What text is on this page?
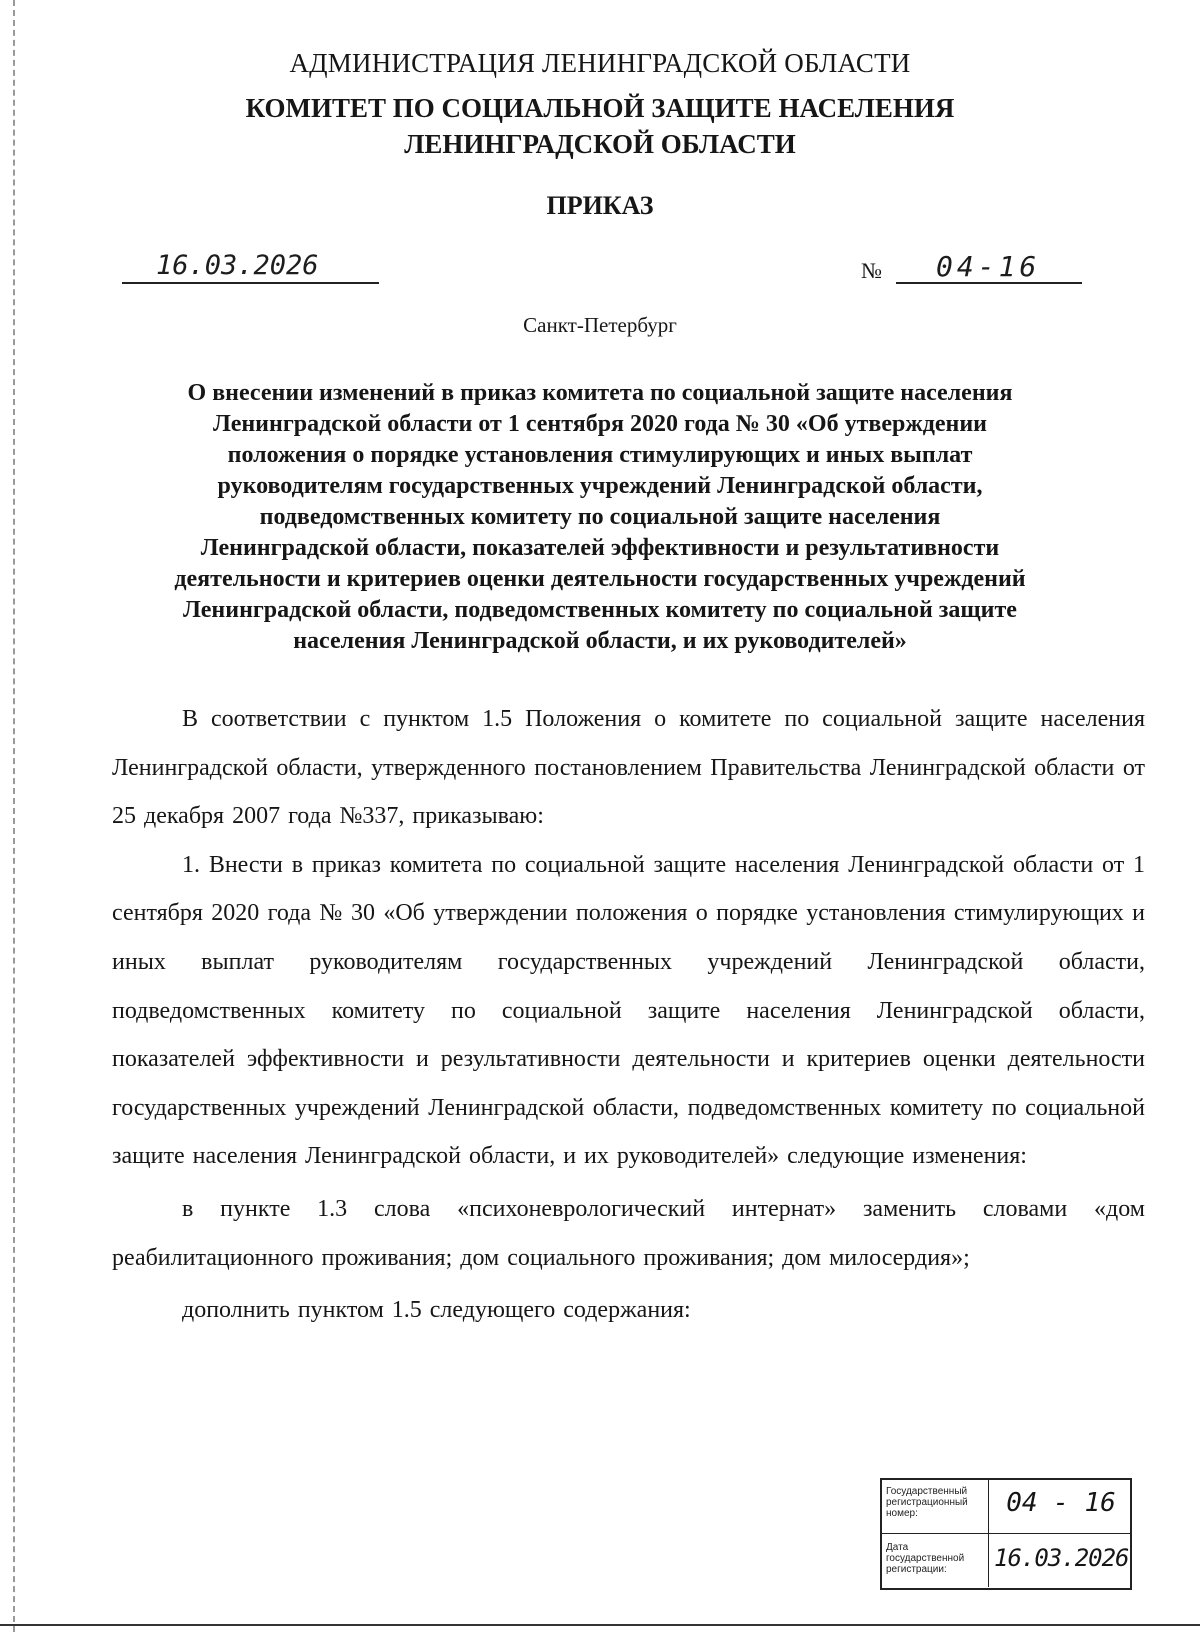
АДМИНИСТРАЦИЯ ЛЕНИНГРАДСКОЙ ОБЛАСТИ
КОМИТЕТ ПО СОЦИАЛЬНОЙ ЗАЩИТЕ НАСЕЛЕНИЯ
ЛЕНИНГРАДСКОЙ ОБЛАСТИ
ПРИКАЗ
16.03.2026	№ 04-16
Санкт-Петербург
О внесении изменений в приказ комитета по социальной защите населения
Ленинградской области от 1 сентября 2020 года № 30 «Об утверждении
положения о порядке установления стимулирующих и иных выплат
руководителям государственных учреждений Ленинградской области,
подведомственных комитету по социальной защите населения
Ленинградской области, показателей эффективности и результативности
деятельности и критериев оценки деятельности государственных учреждений
Ленинградской области, подведомственных комитету по социальной защите
населения Ленинградской области, и их руководителей»

В соответствии с пунктом 1.5 Положения о комитете по социальной защите населения Ленинградской области, утвержденного постановлением Правительства Ленинградской области от 25 декабря 2007 года №337, приказываю:

1. Внести в приказ комитета по социальной защите населения Ленинградской области от 1 сентября 2020 года № 30 «Об утверждении положения о порядке установления стимулирующих и иных выплат руководителям государственных учреждений Ленинградской области, подведомственных комитету по социальной защите населения Ленинградской области, показателей эффективности и результативности деятельности и критериев оценки деятельности государственных учреждений Ленинградской области, подведомственных комитету по социальной защите населения Ленинградской области, и их руководителей» следующие изменения:

в пункте 1.3 слова «психоневрологический интернат» заменить словами «дом реабилитационного проживания; дом социального проживания; дом милосердия»;

дополнить пунктом 1.5 следующего содержания:

Государственный регистрационный номер:	04 - 16
Дата государственной регистрации:	16.03.2026
